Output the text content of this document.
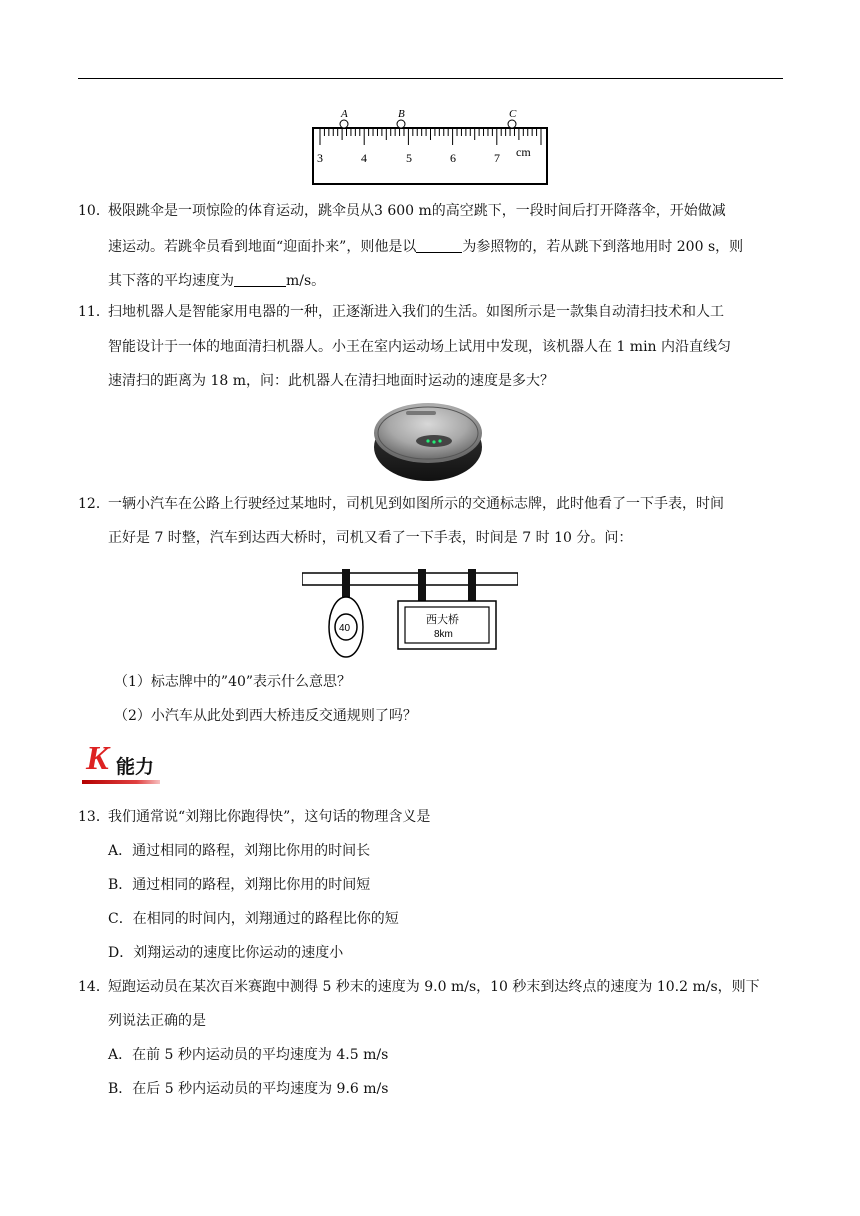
3	4	5	6	7 cm
A	B	C
10．
极限跳伞是一项惊险的体育运动，跳伞员从3 600 m的高空跳下，一段时间后打开降落伞，开始做减
速运动。若跳伞员看到地面“迎面扑来”，则他是以	为参照物的，若从跳下到落地用时 200 s，则
其下落的平均速度为	m/s。
11．
扫地机器人是智能家用电器的一种，正逐渐进入我们的生活。如图所示是一款集自动清扫技术和人工
智能设计于一体的地面清扫机器人。小王在室内运动场上试用中发现，该机器人在 1 min 内沿直线匀
速清扫的距离为 18 m，问：此机器人在清扫地面时运动的速度是多大？
12．
一辆小汽车在公路上行驶经过某地时，司机见到如图所示的交通标志牌，此时他看了一下手表，时间
正好是 7 时整，汽车到达西大桥时，司机又看了一下手表，时间是 7 时 10 分。问：
40
西大桥
8km
（1）标志牌中的”40”表示什么意思？
（2）小汽车从此处到西大桥违反交通规则了吗？
K 能力
13．
我们通常说“刘翔比你跑得快”，这句话的物理含义是
A．通过相同的路程，刘翔比你用的时间长
B．通过相同的路程，刘翔比你用的时间短
C．在相同的时间内，刘翔通过的路程比你的短
D．刘翔运动的速度比你运动的速度小
14．
短跑运动员在某次百米赛跑中测得 5 秒末的速度为 9.0 m/s，10 秒末到达终点的速度为 10.2 m/s，则下
列说法正确的是
A．在前 5 秒内运动员的平均速度为 4.5 m/s
B．在后 5 秒内运动员的平均速度为 9.6 m/s
